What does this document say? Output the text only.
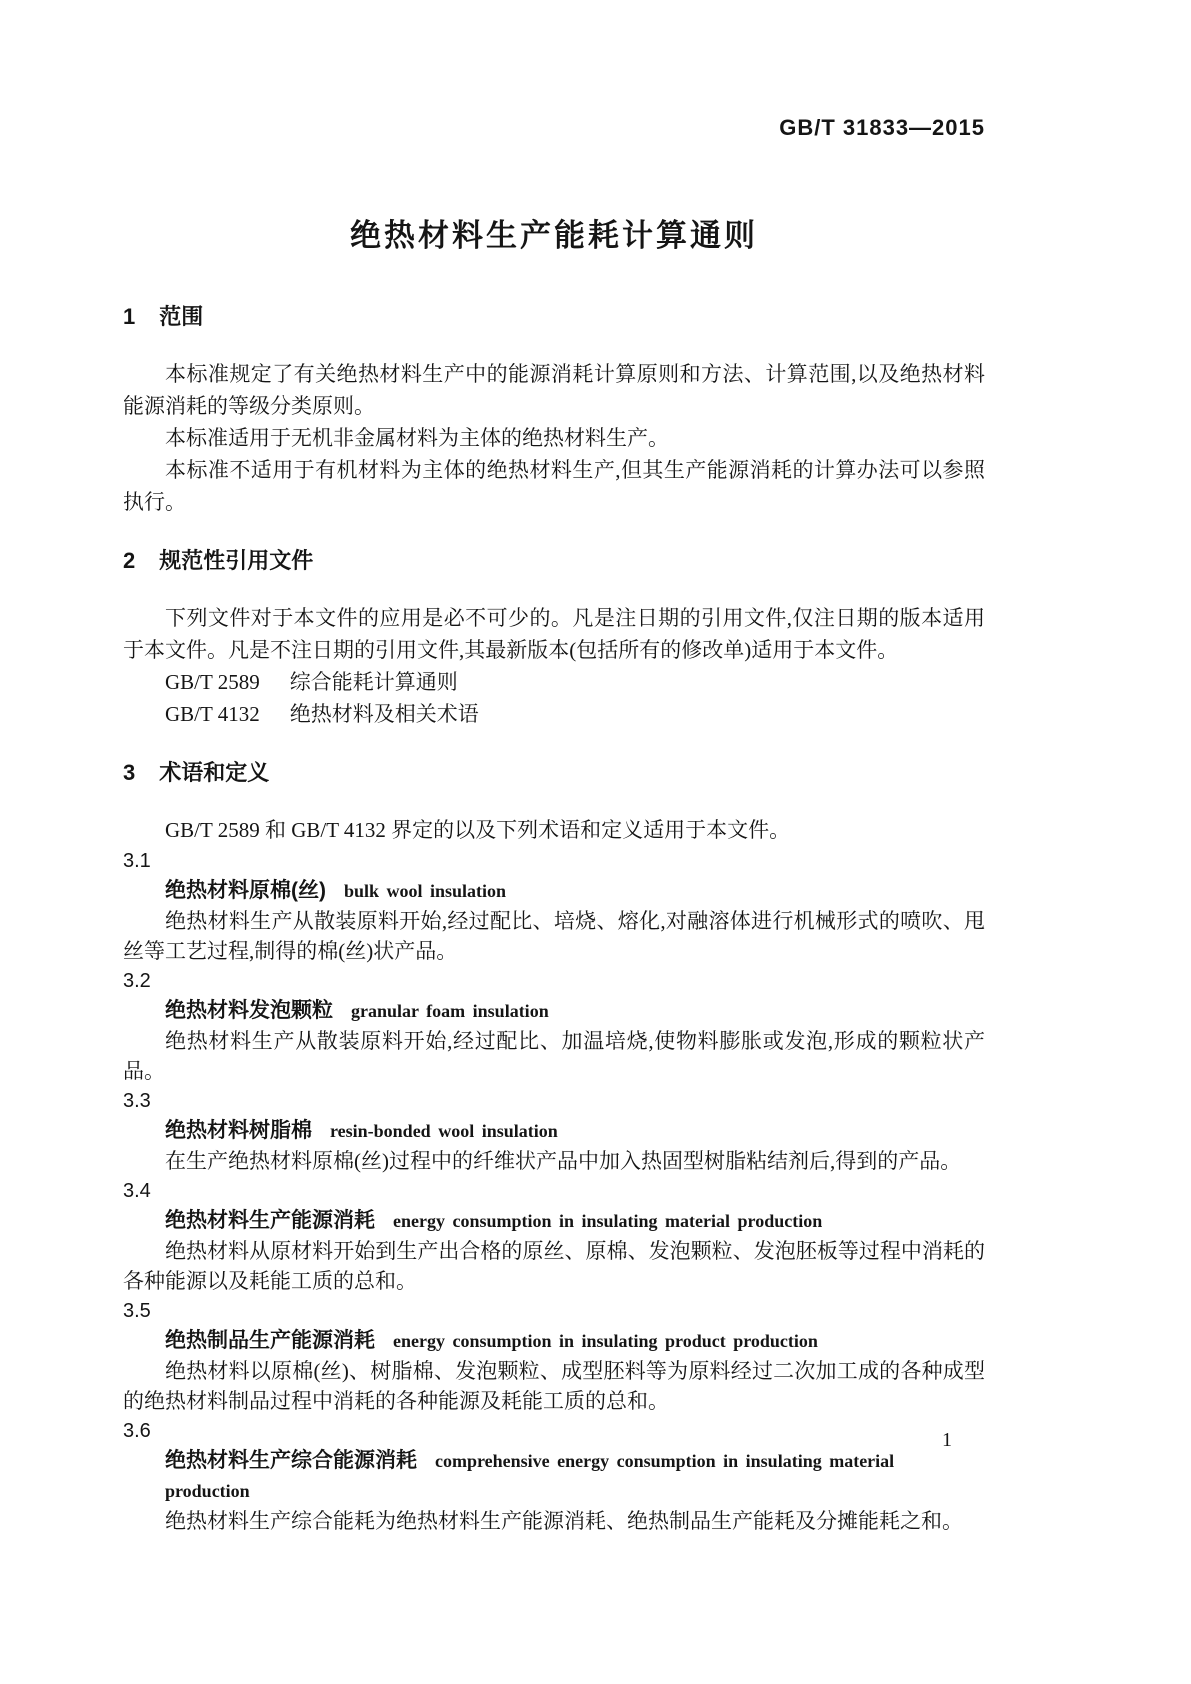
GB/T 31833—2015
绝热材料生产能耗计算通则
1 范围

本标准规定了有关绝热材料生产中的能源消耗计算原则和方法、计算范围,以及绝热材料能源消耗的等级分类原则。

本标准适用于无机非金属材料为主体的绝热材料生产。

本标准不适用于有机材料为主体的绝热材料生产,但其生产能源消耗的计算办法可以参照执行。

2 规范性引用文件

下列文件对于本文件的应用是必不可少的。凡是注日期的引用文件,仅注日期的版本适用于本文件。凡是不注日期的引用文件,其最新版本(包括所有的修改单)适用于本文件。

GB/T 2589 综合能耗计算通则

GB/T 4132 绝热材料及相关术语

3 术语和定义

GB/T 2589 和 GB/T 4132 界定的以及下列术语和定义适用于本文件。

3.1
绝热材料原棉(丝) bulk wool insulation

绝热材料生产从散装原料开始,经过配比、培烧、熔化,对融溶体进行机械形式的喷吹、甩丝等工艺过程,制得的棉(丝)状产品。

3.2
绝热材料发泡颗粒 granular foam insulation

绝热材料生产从散装原料开始,经过配比、加温培烧,使物料膨胀或发泡,形成的颗粒状产品。

3.3
绝热材料树脂棉 resin-bonded wool insulation

在生产绝热材料原棉(丝)过程中的纤维状产品中加入热固型树脂粘结剂后,得到的产品。

3.4
绝热材料生产能源消耗 energy consumption in insulating material production

绝热材料从原材料开始到生产出合格的原丝、原棉、发泡颗粒、发泡胚板等过程中消耗的各种能源以及耗能工质的总和。

3.5
绝热制品生产能源消耗 energy consumption in insulating product production

绝热材料以原棉(丝)、树脂棉、发泡颗粒、成型胚料等为原料经过二次加工成的各种成型的绝热材料制品过程中消耗的各种能源及耗能工质的总和。

3.6
绝热材料生产综合能源消耗 comprehensive energy consumption in insulating material production

绝热材料生产综合能耗为绝热材料生产能源消耗、绝热制品生产能耗及分摊能耗之和。

1
